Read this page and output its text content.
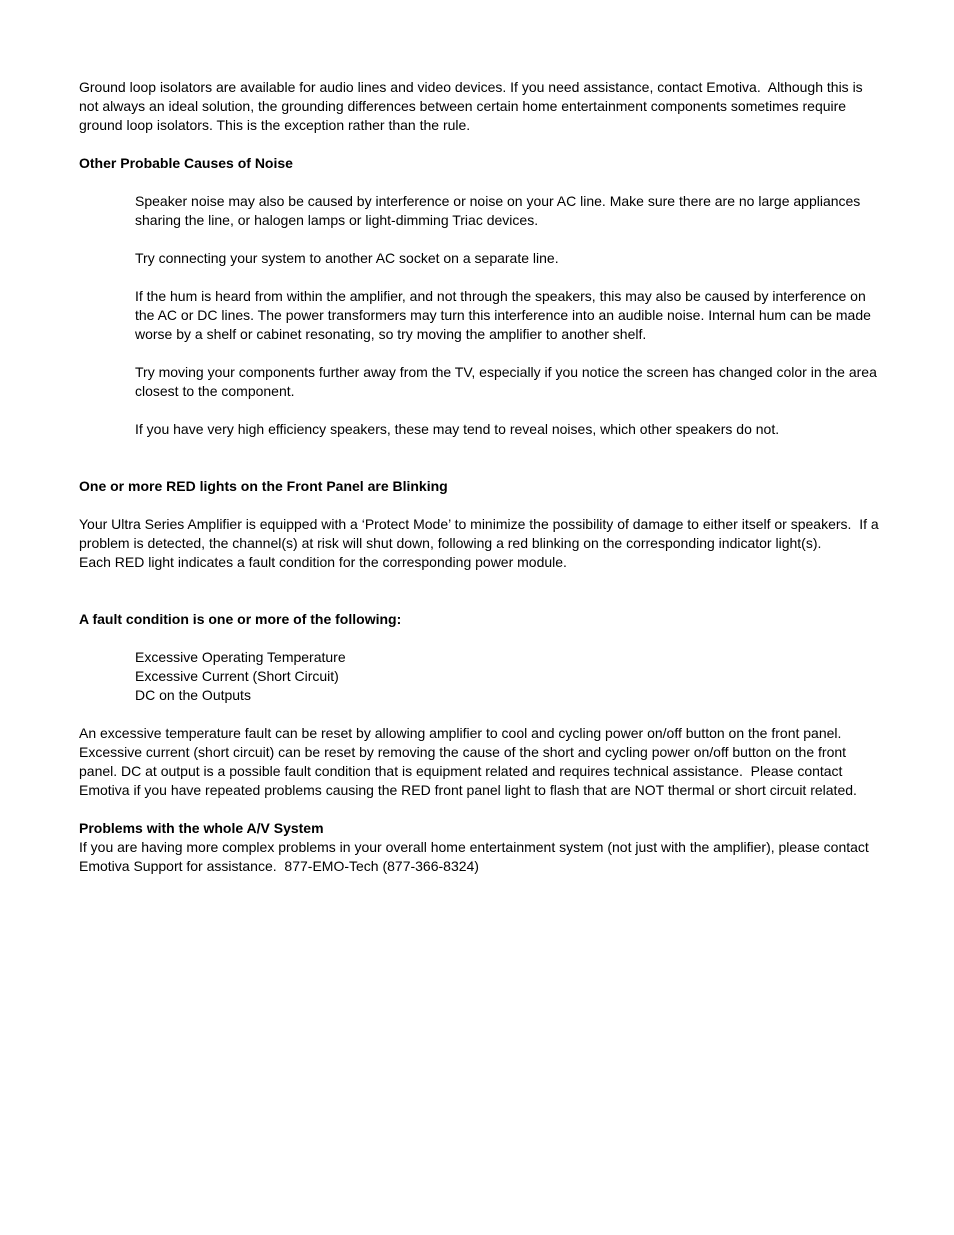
Ground loop isolators are available for audio lines and video devices. If you need assistance, contact Emotiva.  Although this is not always an ideal solution, the grounding differences between certain home entertainment components sometimes require ground loop isolators. This is the exception rather than the rule.

Other Probable Causes of Noise

Speaker noise may also be caused by interference or noise on your AC line. Make sure there are no large appliances sharing the line, or halogen lamps or light-dimming Triac devices.

Try connecting your system to another AC socket on a separate line.

If the hum is heard from within the amplifier, and not through the speakers, this may also be caused by interference on the AC or DC lines. The power transformers may turn this interference into an audible noise. Internal hum can be made worse by a shelf or cabinet resonating, so try moving the amplifier to another shelf.

Try moving your components further away from the TV, especially if you notice the screen has changed color in the area closest to the component.

If you have very high efficiency speakers, these may tend to reveal noises, which other speakers do not.

One or more RED lights on the Front Panel are Blinking

Your Ultra Series Amplifier is equipped with a ‘Protect Mode’ to minimize the possibility of damage to either itself or speakers.  If a problem is detected, the channel(s) at risk will shut down, following a red blinking on the corresponding indicator light(s).

Each RED light indicates a fault condition for the corresponding power module.

A fault condition is one or more of the following:

Excessive Operating Temperature

Excessive Current (Short Circuit)

DC on the Outputs

An excessive temperature fault can be reset by allowing amplifier to cool and cycling power on/off button on the front panel. Excessive current (short circuit) can be reset by removing the cause of the short and cycling power on/off button on the front panel. DC at output is a possible fault condition that is equipment related and requires technical assistance.  Please contact Emotiva if you have repeated problems causing the RED front panel light to flash that are NOT thermal or short circuit related.

Problems with the whole A/V System

If you are having more complex problems in your overall home entertainment system (not just with the amplifier), please contact Emotiva Support for assistance.  877-EMO-Tech (877-366-8324)
